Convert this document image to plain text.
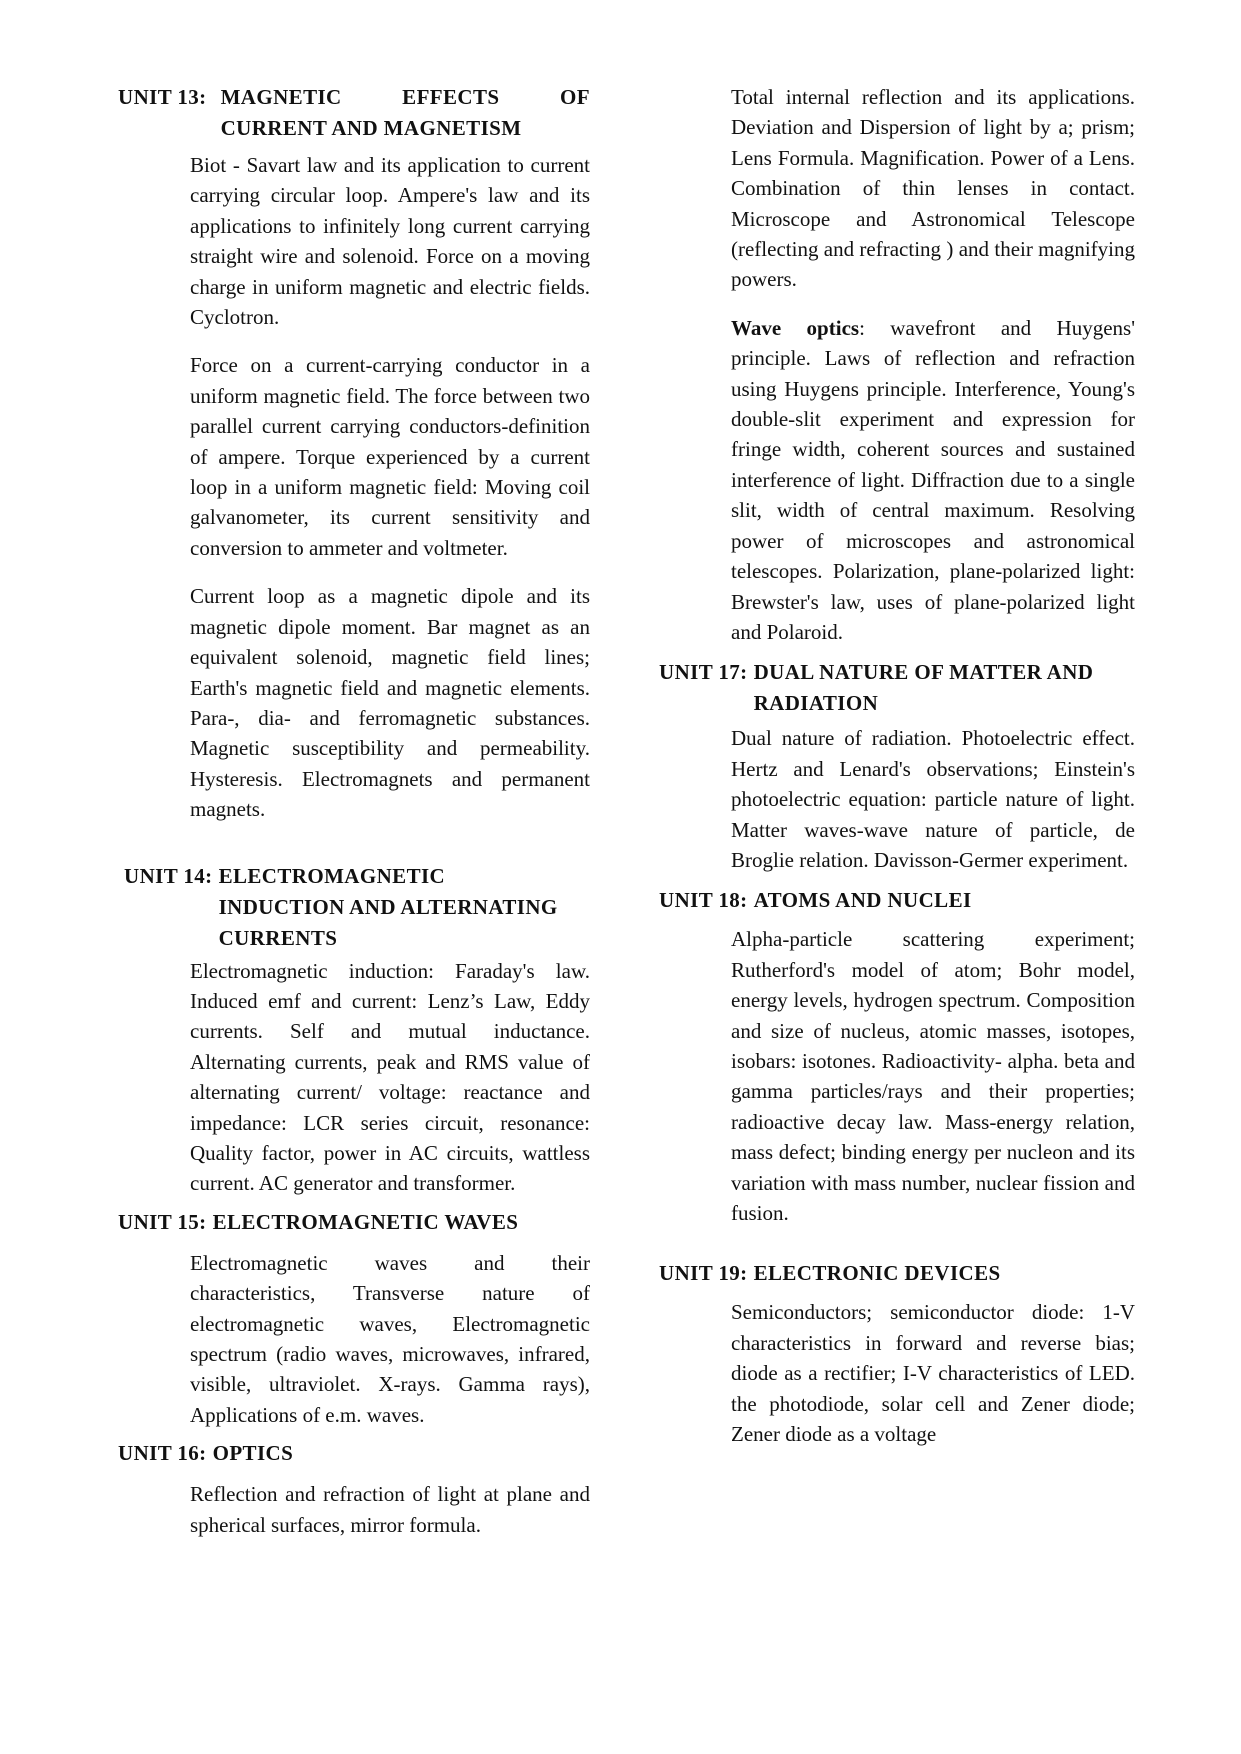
UNIT 13: MAGNETIC EFFECTS OF CURRENT AND MAGNETISM

Biot - Savart law and its application to current carrying circular loop. Ampere's law and its applications to infinitely long current carrying straight wire and solenoid. Force on a moving charge in uniform magnetic and electric fields. Cyclotron.

Force on a current-carrying conductor in a uniform magnetic field. The force between two parallel current carrying conductors-definition of ampere. Torque experienced by a current loop in a uniform magnetic field: Moving coil galvanometer, its current sensitivity and conversion to ammeter and voltmeter.

Current loop as a magnetic dipole and its magnetic dipole moment. Bar magnet as an equivalent solenoid, magnetic field lines; Earth's magnetic field and magnetic elements. Para-, dia- and ferromagnetic substances. Magnetic susceptibility and permeability. Hysteresis. Electromagnets and permanent magnets.

UNIT 14: ELECTROMAGNETIC INDUCTION AND ALTERNATING CURRENTS

Electromagnetic induction: Faraday's law. Induced emf and current: Lenz’s Law, Eddy currents. Self and mutual inductance. Alternating currents, peak and RMS value of alternating current/ voltage: reactance and impedance: LCR series circuit, resonance: Quality factor, power in AC circuits, wattless current. AC generator and transformer.

UNIT 15: ELECTROMAGNETIC WAVES

Electromagnetic waves and their characteristics, Transverse nature of electromagnetic waves, Electromagnetic spectrum (radio waves, microwaves, infrared, visible, ultraviolet. X-rays. Gamma rays), Applications of e.m. waves.

UNIT 16: OPTICS

Reflection and refraction of light at plane and spherical surfaces, mirror formula.

Total internal reflection and its applications. Deviation and Dispersion of light by a; prism; Lens Formula. Magnification. Power of a Lens. Combination of thin lenses in contact. Microscope and Astronomical Telescope (reflecting and refracting ) and their magnifying powers.

Wave optics: wavefront and Huygens' principle. Laws of reflection and refraction using Huygens principle. Interference, Young's double-slit experiment and expression for fringe width, coherent sources and sustained interference of light. Diffraction due to a single slit, width of central maximum. Resolving power of microscopes and astronomical telescopes. Polarization, plane-polarized light: Brewster's law, uses of plane-polarized light and Polaroid.

UNIT 17: DUAL NATURE OF MATTER AND RADIATION

Dual nature of radiation. Photoelectric effect. Hertz and Lenard's observations; Einstein's photoelectric equation: particle nature of light. Matter waves-wave nature of particle, de Broglie relation. Davisson-Germer experiment.

UNIT 18: ATOMS AND NUCLEI

Alpha-particle scattering experiment; Rutherford's model of atom; Bohr model, energy levels, hydrogen spectrum. Composition and size of nucleus, atomic masses, isotopes, isobars: isotones. Radioactivity- alpha. beta and gamma particles/rays and their properties; radioactive decay law. Mass-energy relation, mass defect; binding energy per nucleon and its variation with mass number, nuclear fission and fusion.

UNIT 19: ELECTRONIC DEVICES

Semiconductors; semiconductor diode: 1-V characteristics in forward and reverse bias; diode as a rectifier; I-V characteristics of LED. the photodiode, solar cell and Zener diode; Zener diode as a voltage
